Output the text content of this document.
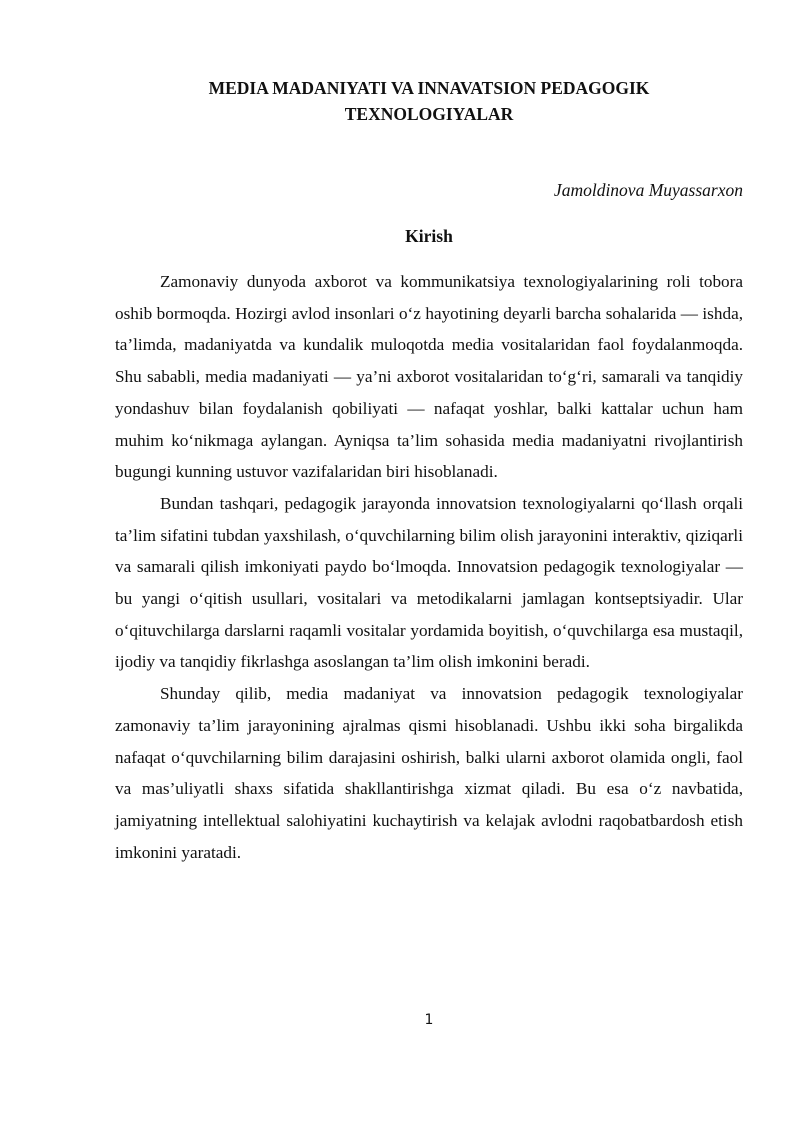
MEDIA MADANIYATI VA INNAVATSION PEDAGOGIK
TEXNOLOGIYALAR

Jamoldinova Muyassarxon

Kirish

Zamonaviy dunyoda axborot va kommunikatsiya texnologiyalarining roli tobora oshib bormoqda. Hozirgi avlod insonlari o‘z hayotining deyarli barcha sohalarida — ishda, ta’limda, madaniyatda va kundalik muloqotda media vositalaridan faol foydalanmoqda. Shu sababli, media madaniyati — ya’ni axborot vositalaridan to‘g‘ri, samarali va tanqidiy yondashuv bilan foydalanish qobiliyati — nafaqat yoshlar, balki kattalar uchun ham muhim ko‘nikmaga aylangan. Ayniqsa ta’lim sohasida media madaniyatni rivojlantirish bugungi kunning ustuvor vazifalaridan biri hisoblanadi.

Bundan tashqari, pedagogik jarayonda innovatsion texnologiyalarni qo‘llash orqali ta’lim sifatini tubdan yaxshilash, o‘quvchilarning bilim olish jarayonini interaktiv, qiziqarli va samarali qilish imkoniyati paydo bo‘lmoqda. Innovatsion pedagogik texnologiyalar — bu yangi o‘qitish usullari, vositalari va metodikalarni jamlagan kontseptsiyadir. Ular o‘qituvchilarga darslarni raqamli vositalar yordamida boyitish, o‘quvchilarga esa mustaqil, ijodiy va tanqidiy fikrlashga asoslangan ta’lim olish imkonini beradi.

Shunday qilib, media madaniyat va innovatsion pedagogik texnologiyalar zamonaviy ta’lim jarayonining ajralmas qismi hisoblanadi. Ushbu ikki soha birgalikda nafaqat o‘quvchilarning bilim darajasini oshirish, balki ularni axborot olamida ongli, faol va mas’uliyatli shaxs sifatida shakllantirishga xizmat qiladi. Bu esa o‘z navbatida, jamiyatning intellektual salohiyatini kuchaytirish va kelajak avlodni raqobatbardosh etish imkonini yaratadi.

1
